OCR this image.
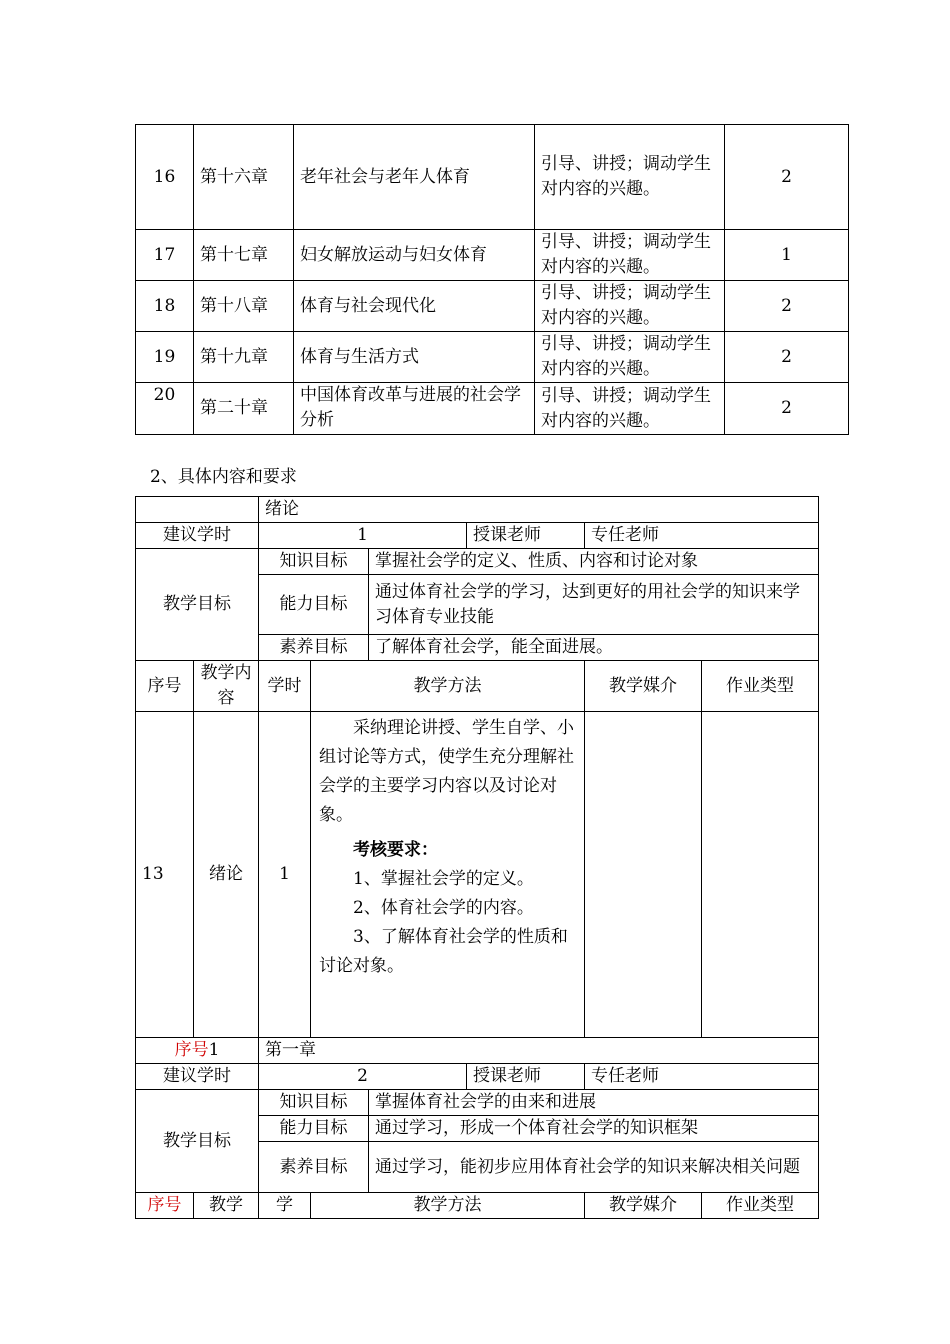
16	第十六章	老年社会与老年人体育	引导、讲授；调动学生对内容的兴趣。	2
17	第十七章	妇女解放运动与妇女体育	引导、讲授；调动学生对内容的兴趣。	1
18	第十八章	体育与社会现代化	引导、讲授；调动学生对内容的兴趣。	2
19	第十九章	体育与生活方式	引导、讲授；调动学生对内容的兴趣。	2
20	第二十章	中国体育改革与进展的社会学分析	引导、讲授；调动学生对内容的兴趣。	2
2、具体内容和要求
		绪论					
建议学时		1			授课老师	专任老师	
教学目标		知识目标		掌握社会学的定义、性质、内容和讨论对象			
		能力目标		通过体育社会学的学习，达到更好的用社会学的知识来学习体育专业技能			
		素养目标		了解体育社会学，能全面进展。			
序号	教学内容	学时	教学方法			教学媒介	作业类型
13	绪论	1	采纳理论讲授、学生自学、小组讨论等方式，使学生充分理解社会学的主要学习内容以及讨论对象。

考核要求：

1、掌握社会学的定义。

2、体育社会学的内容。

3、了解体育社会学的性质和讨论对象。				

序号1		第一章					
建议学时		2			授课老师	专任老师	
教学目标		知识目标		掌握体育社会学的由来和进展			
		能力目标		通过学习，形成一个体育社会学的知识框架			
		素养目标		通过学习，能初步应用体育社会学的知识来解决相关问题			
序号	教学	学	教学方法			教学媒介	作业类型
